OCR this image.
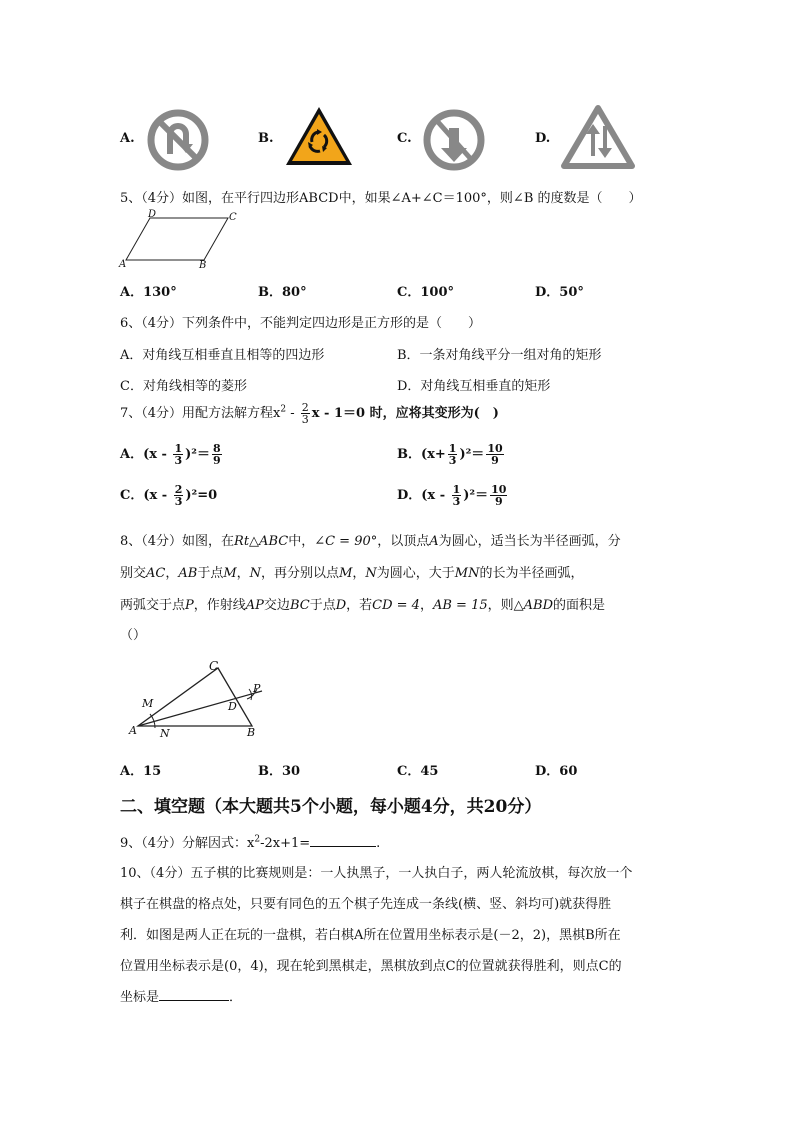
A.	B.	C.	D.
5、（4分）如图，在平行四边形ABCD中，如果∠A+∠C＝100°，则∠B 的度数是（　　）
D	C
A	B
A．130°	B．80°	C．100°	D．50°
6、（4分）下列条件中，不能判定四边形是正方形的是（　　）
A．对角线互相垂直且相等的四边形	B．一条对角线平分一组对角的矩形
C．对角线相等的菱形	D．对角线互相垂直的矩形
7、（4分）用配方法解方程$x^2 - \frac{2}{3}$ x - 1＝0 时，应将其变形为(　)
A．$(x - \frac{1}{3} )^2= \frac{8}{9}$	B．$(x+ \frac{1}{3} )^2= \frac{10}{9}$
C．$(x - \frac{2}{3} )^2=0$	D．$(x - \frac{1}{3} )^2= \frac{10}{9}$
8、（4分）如图，在Rt△ABC中，∠C = 90°，以顶点A为圆心，适当长为半径画弧，分
别交AC，AB于点M，N，再分别以点M，N为圆心，大于MN的长为半径画弧，
两弧交于点P，作射线AP交边BC于点D，若CD = 4，AB = 15，则△ABD的面积是
（）
C
P
M	D
A N	B
A．15	B．30	C．45	D．60
二、填空题（本大题共5个小题，每小题4分，共20分）
9、（4分）分解因式：$x^2-2x+1=$	.
10、（4分）五子棋的比赛规则是：一人执黑子，一人执白子，两人轮流放棋，每次放一个
棋子在棋盘的格点处，只要有同色的五个棋子先连成一条线(横、竖、斜均可)就获得胜
利．如图是两人正在玩的一盘棋，若白棋A所在位置用坐标表示是(－2，2)，黑棋B所在
位置用坐标表示是(0，4)，现在轮到黑棋走，黑棋放到点C的位置就获得胜利，则点C的
坐标是	．
